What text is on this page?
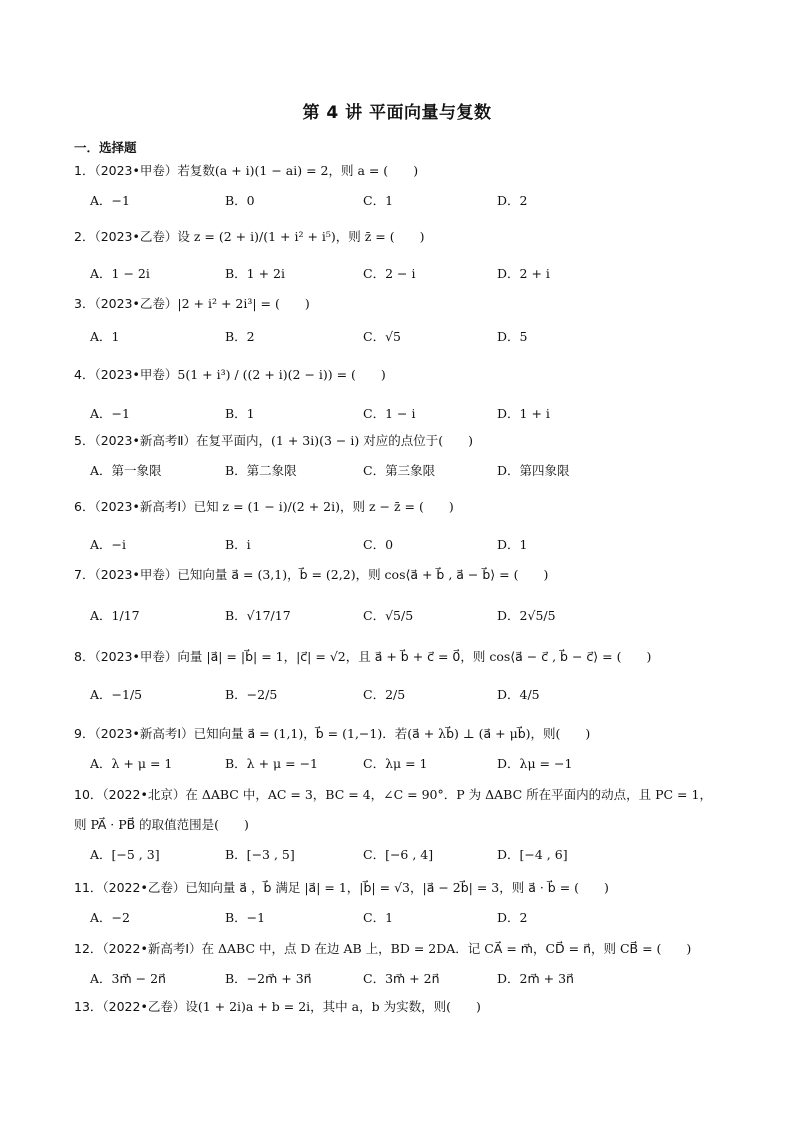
第 4 讲 平面向量与复数
一．选择题
1．（2023•甲卷）若复数(a + i)(1 − ai) = 2，则 a = (　　)
A．−1	B．0	C．1	D．2
2．（2023•乙卷）设 z = (2 + i)/(1 + i² + i⁵)，则 z̄ = (　　)
A．1 − 2i	B．1 + 2i	C．2 − i	D．2 + i
3．（2023•乙卷）|2 + i² + 2i³| = (　　)
A．1	B．2	C．√5	D．5
4．（2023•甲卷）5(1 + i³) / ((2 + i)(2 − i)) = (　　)
A．−1	B．1	C．1 − i	D．1 + i
5．（2023•新高考Ⅱ）在复平面内，(1 + 3i)(3 − i) 对应的点位于(　　)
A．第一象限	B．第二象限	C．第三象限	D．第四象限
6．（2023•新高考Ⅰ）已知 z = (1 − i)/(2 + 2i)，则 z − z̄ = (　　)
A．−i	B．i	C．0	D．1
7．（2023•甲卷）已知向量 a⃗ = (3,1)，b⃗ = (2,2)，则 cos⟨a⃗ + b⃗ , a⃗ − b⃗⟩ = (　　)
A．1/17	B．√17/17	C．√5/5	D．2√5/5
8．（2023•甲卷）向量 |a⃗| = |b⃗| = 1，|c⃗| = √2，且 a⃗ + b⃗ + c⃗ = 0⃗，则 cos⟨a⃗ − c⃗ , b⃗ − c⃗⟩ = (　　)
A．−1/5	B．−2/5	C．2/5	D．4/5
9．（2023•新高考Ⅰ）已知向量 a⃗ = (1,1)，b⃗ = (1,−1)．若(a⃗ + λb⃗) ⊥ (a⃗ + μb⃗)，则(　　)
A．λ + μ = 1	B．λ + μ = −1	C．λμ = 1	D．λμ = −1
10．（2022•北京）在 ΔABC 中，AC = 3，BC = 4，∠C = 90°．P 为 ΔABC 所在平面内的动点，且 PC = 1，
则 PA⃗ · PB⃗ 的取值范围是(　　)
A．[−5 , 3]	B．[−3 , 5]	C．[−6 , 4]	D．[−4 , 6]
11．（2022•乙卷）已知向量 a⃗ ，b⃗ 满足 |a⃗| = 1，|b⃗| = √3，|a⃗ − 2b⃗| = 3，则 a⃗ · b⃗ = (　　)
A．−2	B．−1	C．1	D．2
12．（2022•新高考Ⅰ）在 ΔABC 中，点 D 在边 AB 上，BD = 2DA．记 CA⃗ = m⃗，CD⃗ = n⃗，则 CB⃗ = (　　)
A．3m⃗ − 2n⃗	B．−2m⃗ + 3n⃗	C．3m⃗ + 2n⃗	D．2m⃗ + 3n⃗
13．（2022•乙卷）设(1 + 2i)a + b = 2i，其中 a，b 为实数，则(　　)
